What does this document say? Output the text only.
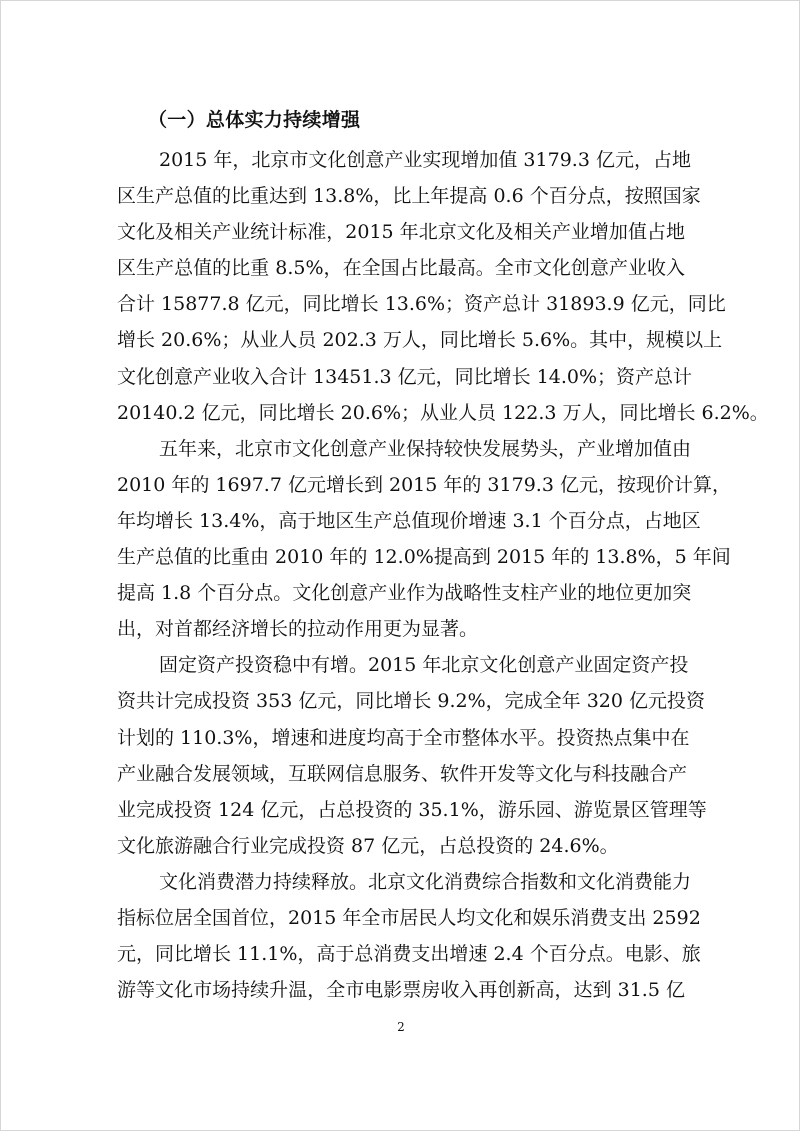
（一）总体实力持续增强
2015 年，北京市文化创意产业实现增加值 3179.3 亿元，占地
区生产总值的比重达到 13.8%，比上年提高 0.6 个百分点，按照国家
文化及相关产业统计标准，2015 年北京文化及相关产业增加值占地
区生产总值的比重 8.5%，在全国占比最高。全市文化创意产业收入
合计 15877.8 亿元，同比增长 13.6%；资产总计 31893.9 亿元，同比
增长 20.6%；从业人员 202.3 万人，同比增长 5.6%。其中，规模以上
文化创意产业收入合计 13451.3 亿元，同比增长 14.0%；资产总计
20140.2 亿元，同比增长 20.6%；从业人员 122.3 万人，同比增长 6.2%。
五年来，北京市文化创意产业保持较快发展势头，产业增加值由
2010 年的 1697.7 亿元增长到 2015 年的 3179.3 亿元，按现价计算，
年均增长 13.4%，高于地区生产总值现价增速 3.1 个百分点，占地区
生产总值的比重由 2010 年的 12.0%提高到 2015 年的 13.8%，5 年间
提高 1.8 个百分点。文化创意产业作为战略性支柱产业的地位更加突
出，对首都经济增长的拉动作用更为显著。
固定资产投资稳中有增。2015 年北京文化创意产业固定资产投
资共计完成投资 353 亿元，同比增长 9.2%，完成全年 320 亿元投资
计划的 110.3%，增速和进度均高于全市整体水平。投资热点集中在
产业融合发展领域，互联网信息服务、软件开发等文化与科技融合产
业完成投资 124 亿元，占总投资的 35.1%，游乐园、游览景区管理等
文化旅游融合行业完成投资 87 亿元，占总投资的 24.6%。
文化消费潜力持续释放。北京文化消费综合指数和文化消费能力
指标位居全国首位，2015 年全市居民人均文化和娱乐消费支出 2592
元，同比增长 11.1%，高于总消费支出增速 2.4 个百分点。电影、旅
游等文化市场持续升温，全市电影票房收入再创新高，达到 31.5 亿
2
